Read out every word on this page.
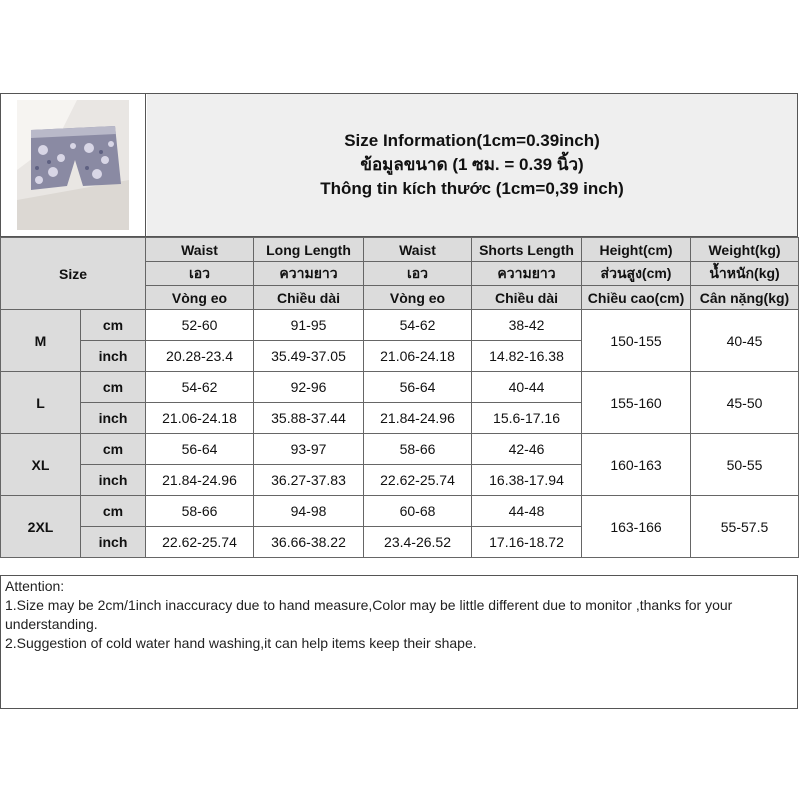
Size Information(1cm=0.39inch)
ข้อมูลขนาด (1 ซม. = 0.39 นิ้ว)
Thông tin kích thước (1cm=0,39 inch)
Size		Waist	Long Length	Waist	Shorts Length	Height(cm)	Weight(kg)
		เอว	ความยาว	เอว	ความยาว	ส่วนสูง(cm)	น้ำหนัก(kg)
		Vòng eo	Chiều dài	Vòng eo	Chiều dài	Chiều cao(cm)	Cân nặng(kg)
M	cm	52-60	91-95	54-62	38-42	150-155	40-45
	inch	20.28-23.4	35.49-37.05	21.06-24.18	14.82-16.38		
L	cm	54-62	92-96	56-64	40-44	155-160	45-50
	inch	21.06-24.18	35.88-37.44	21.84-24.96	15.6-17.16		
XL	cm	56-64	93-97	58-66	42-46	160-163	50-55
	inch	21.84-24.96	36.27-37.83	22.62-25.74	16.38-17.94		
2XL	cm	58-66	94-98	60-68	44-48	163-166	55-57.5
	inch	22.62-25.74	36.66-38.22	23.4-26.52	17.16-18.72		
Attention:
1.Size may be 2cm/1inch inaccuracy due to hand measure,Color may be little different due to monitor ,thanks for your understanding.
2.Suggestion of cold water hand washing,it can help items keep their shape.
